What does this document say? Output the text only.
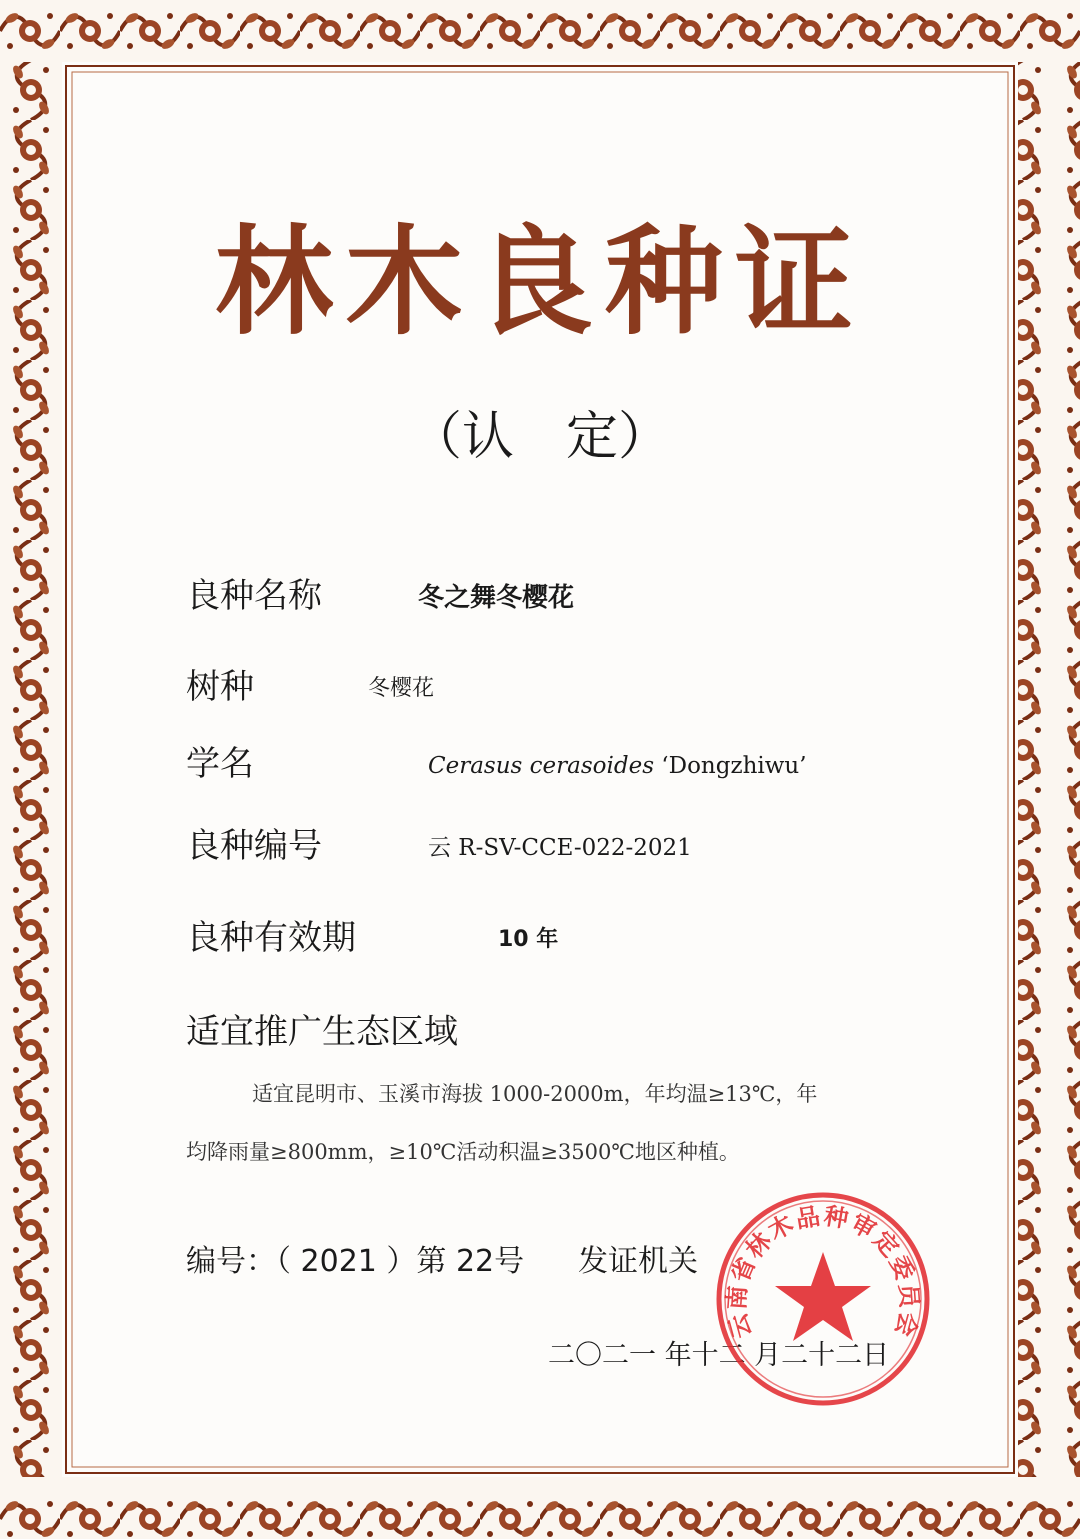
林木良种证
（认　定）
良种名称	冬之舞冬樱花
树种	冬樱花
学名	Cerasus cerasoides ‘Dongzhiwu’
良种编号	云 R-SV-CCE-022-2021
良种有效期	10 年
适宜推广生态区域
适宜昆明市、玉溪市海拔 1000-2000m，年均温≥13℃，年
均降雨量≥800mm，≥10℃活动积温≥3500℃地区种植。
编号：（ 2021 ）第 22号 发证机关
二〇二一 年十二 月二十二日
云南省林木品种审定委员会
